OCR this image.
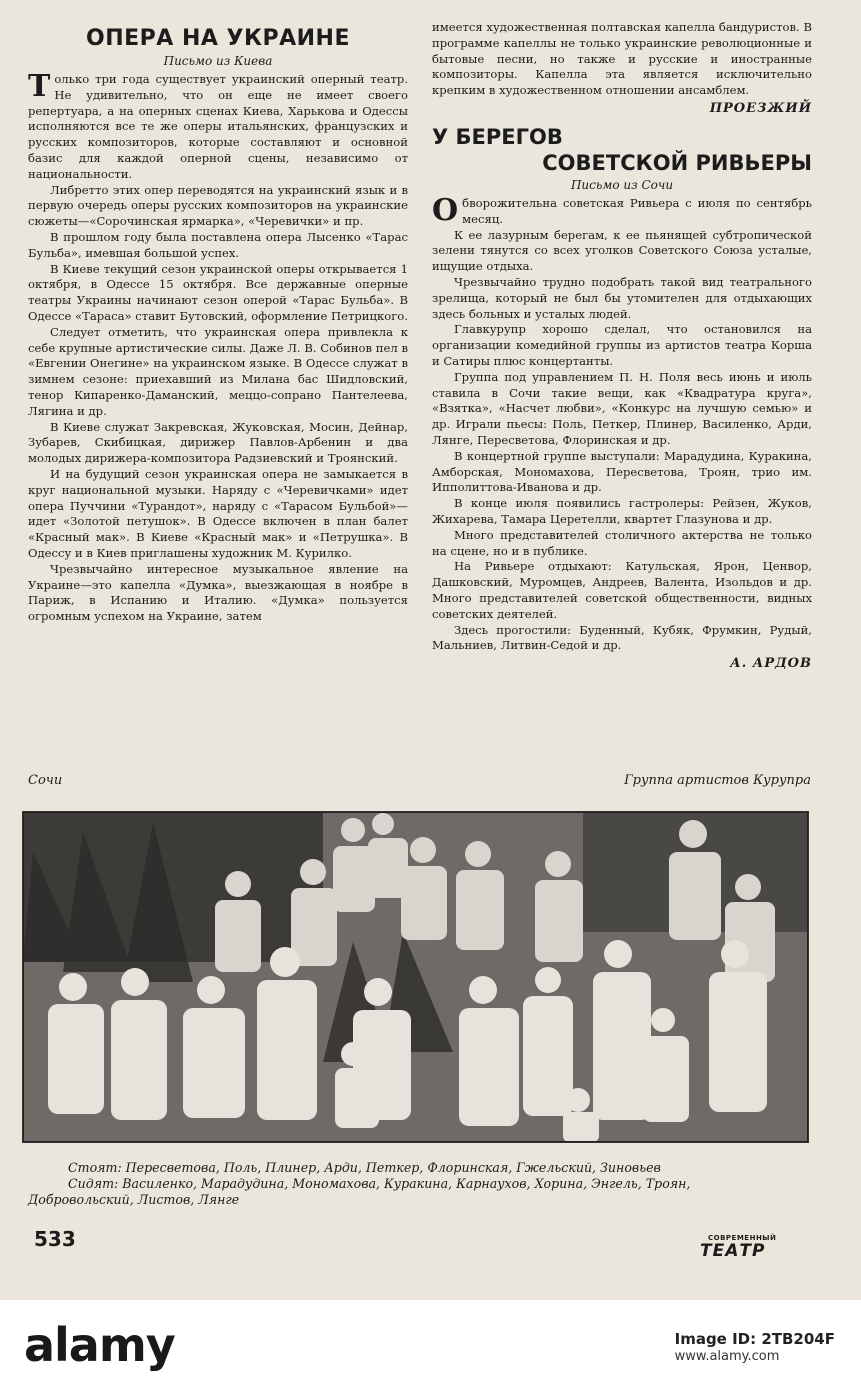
ОПЕРА НА УКРАИНЕ
Письмо из Киева

Только три года существует украинский оперный театр. Не удивительно, что он еще не имеет своего репертуара, а на оперных сценах Киева, Харькова и Одессы исполняются все те же оперы итальянских, французских и русских композиторов, которые составляют и основной базис для каждой оперной сцены, независимо от национальности.

Либретто этих опер переводятся на украинский язык и в первую очередь оперы русских композиторов на украинские сюжеты—«Сорочинская ярмарка», «Черевички» и пр.

В прошлом году была поставлена опера Лысенко «Тарас Бульба», имевшая большой успех.

В Киеве текущий сезон украинской оперы открывается 1 октября, в Одессе 15 октября. Все державные оперные театры Украины начинают сезон оперой «Тарас Бульба». В Одессе «Тараса» ставит Бутовский, оформление Петрицкого.

Следует отметить, что украинская опера привлекла к себе крупные артистические силы. Даже Л. В. Собинов пел в «Евгении Онегине» на украинском языке. В Одессе служат в зимнем сезоне: приехавший из Милана бас Шидловский, тенор Кипаренко-Даманский, меццо-сопрано Пантелеева, Лягина и др.

В Киеве служат Закревская, Жуковская, Мосин, Дейнар, Зубарев, Скибицкая, дирижер Павлов-Арбенин и два молодых дирижера-композитора Радзиевский и Троянский.

И на будущий сезон украинская опера не замыкается в круг национальной музыки. Наряду с «Черевичками» идет опера Пуччини «Турандот», наряду с «Тарасом Бульбой»—идет «Золотой петушок». В Одессе включен в план балет «Красный мак». В Киеве «Красный мак» и «Петрушка». В Одессу и в Киев приглашены художник М. Курилко.

Чрезвычайно интересное музыкальное явление на Украине—это капелла «Думка», выезжающая в ноябре в Париж, в Испанию и Италию. «Думка» пользуется огромным успехом на Украине, затем

имеется художественная полтавская капелла бандуристов. В программе капеллы не только украинские революционные и бытовые песни, но также и русские и иностранные композиторы. Капелла эта является исключительно крепким в художественном отношении ансамблем.

ПРОЕЗЖИЙ
У БЕРЕГОВ
СОВЕТСКОЙ РИВЬЕРЫ
Письмо из Сочи

Обворожительна советская Ривьера с июля по сентябрь месяц.

К ее лазурным берегам, к ее пьянящей субтропической зелени тянутся со всех уголков Советского Союза усталые, ищущие отдыха.

Чрезвычайно трудно подобрать такой вид театрального зрелища, который не был бы утомителен для отдыхающих здесь больных и усталых людей.

Главкурупр хорошо сделал, что остановился на организации комедийной группы из артистов театра Корша и Сатиры плюс концертанты.

Группа под управлением П. Н. Поля весь июнь и июль ставила в Сочи такие вещи, как «Квадратура круга», «Взятка», «Насчет любви», «Конкурс на лучшую семью» и др. Играли пьесы: Поль, Петкер, Плинер, Василенко, Арди, Лянге, Пересветова, Флоринская и др.

В концертной группе выступали: Марадудина, Куракина, Амборская, Мономахова, Пересветова, Троян, трио им. Ипполиттова-Иванова и др.

В конце июля появились гастролеры: Рейзен, Жуков, Жихарева, Тамара Церетелли, квартет Глазунова и др.

Много представителей столичного актерства не только на сцене, но и в публике.

На Ривьере отдыхают: Катульская, Ярон, Ценвор, Дашковский, Муромцев, Андреев, Валента, Изольдов и др. Много представителей советской общественности, видных советских деятелей.

Здесь прогостили: Буденный, Кубяк, Фрумкин, Рудый, Мальниев, Литвин-Седой и др.

А. АРДОВ
Сочи	Группа артистов Курупра
Стоят: Пересветова, Поль, Плинер, Арди, Петкер, Флоринская, Гжельский, Зиновьев
Сидят: Василенко, Марадудина, Мономахова, Куракина, Карнаухов, Хорина, Энгель, Троян,
Добровольский, Листов, Лянге
533	СОВРЕМЕННЫЙ
ТЕАТР
alamy	Image ID: 2TB204F
www.alamy.com
